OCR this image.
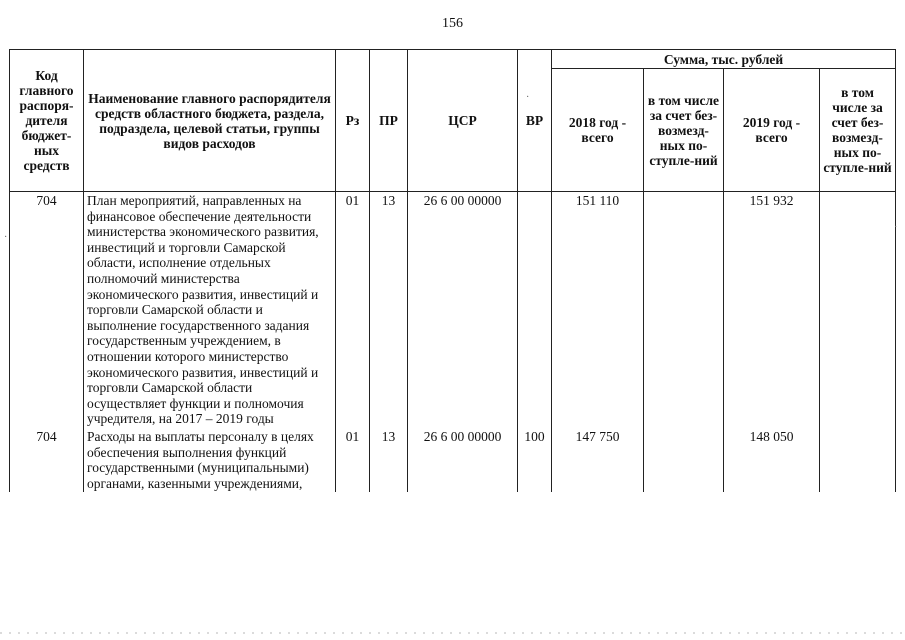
156
Код главного распоря-дителя бюджет-ных средств	Наименование главного распорядителя средств областного бюджета, раздела, подраздела, целевой статьи, группы видов расходов	Рз	ПР	ЦСР	ВР	Сумма, тыс. рублей			
						2018 год - всего	в том числе за счет без-возмезд-ных по-ступле-ний	2019 год - всего	в том числе за счет без-возмезд-ных по-ступле-ний
704	План мероприятий, направленных на финансовое обеспечение деятельности министерства экономического развития, инвестиций и торговли Самарской области, исполнение отдельных полномочий министерства экономического развития, инвестиций и торговли Самарской области и выполнение государственного задания государственным учреждением, в отношении которого министерство экономического развития, инвестиций и торговли Самарской области осуществляет функции и полномочия учредителя, на 2017 – 2019 годы	01	13	26 6 00 00000		151 110		151 932	
704	Расходы на выплаты персоналу в целях обеспечения выполнения функций государственными (муниципальными) органами, казенными учреждениями,	01	13	26 6 00 00000	100	147 750		148 050	
·
·
·
